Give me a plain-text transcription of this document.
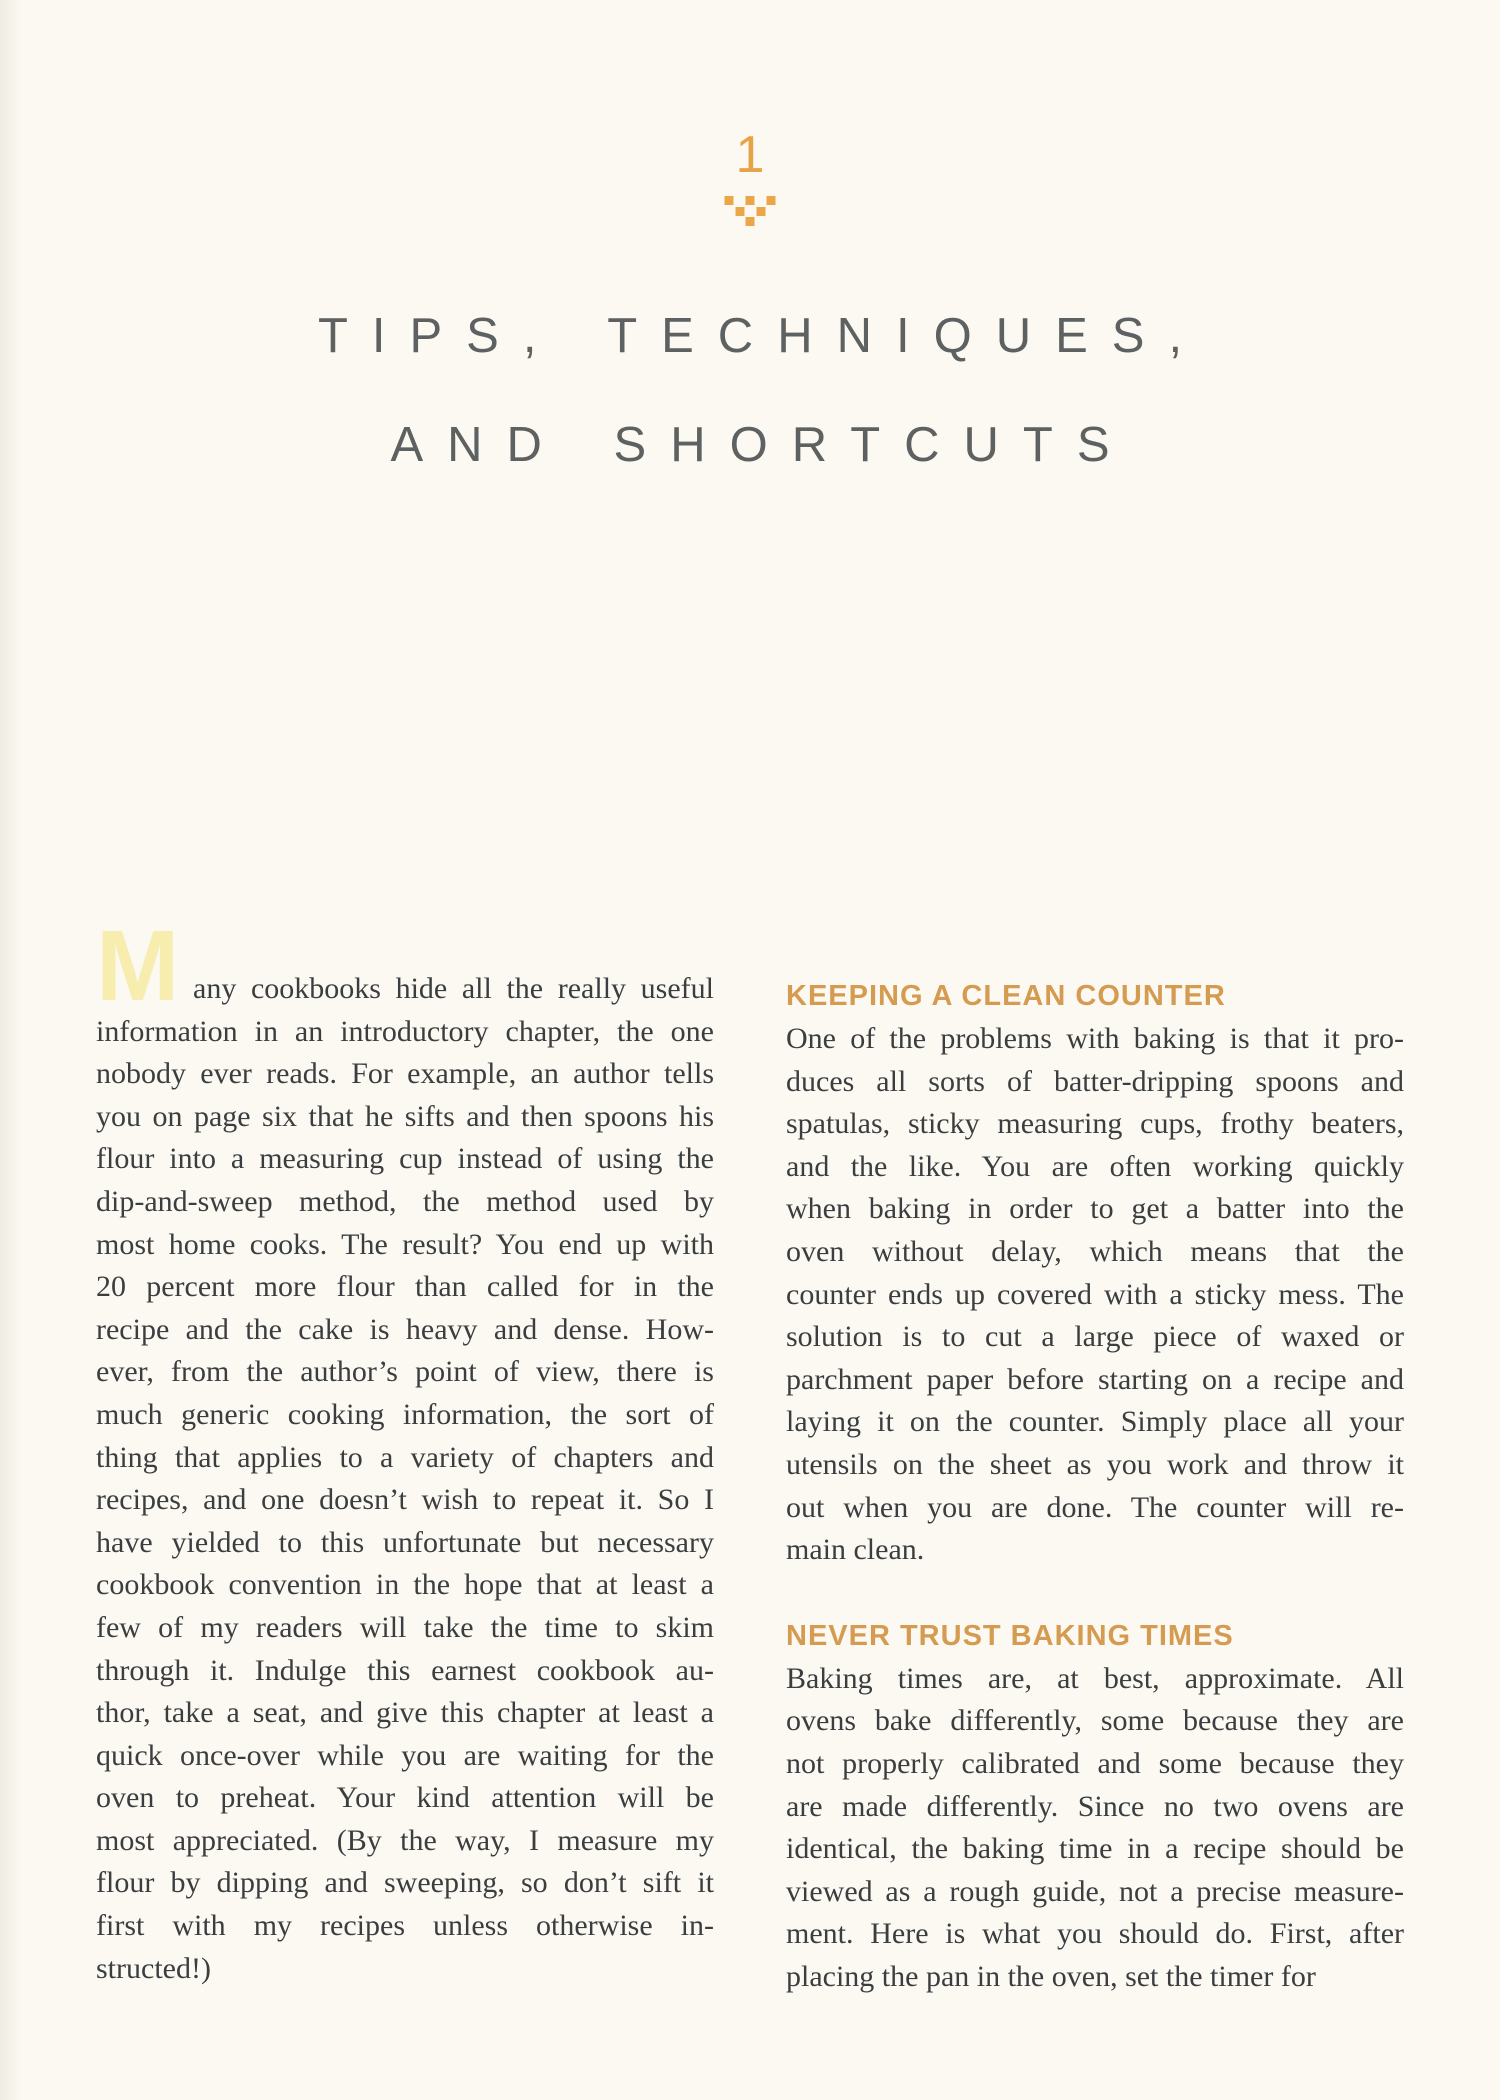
1
TIPS, TECHNIQUES,
AND SHORTCUTS
M any cookbooks hide all the really useful
information in an introductory chapter, the one
nobody ever reads. For example, an author tells
you on page six that he sifts and then spoons his
flour into a measuring cup instead of using the
dip-and-sweep method, the method used by
most home cooks. The result? You end up with
20 percent more flour than called for in the
recipe and the cake is heavy and dense. How-
ever, from the author’s point of view, there is
much generic cooking information, the sort of
thing that applies to a variety of chapters and
recipes, and one doesn’t wish to repeat it. So I
have yielded to this unfortunate but necessary
cookbook convention in the hope that at least a
few of my readers will take the time to skim
through it. Indulge this earnest cookbook au-
thor, take a seat, and give this chapter at least a
quick once-over while you are waiting for the
oven to preheat. Your kind attention will be
most appreciated. (By the way, I measure my
flour by dipping and sweeping, so don’t sift it
first with my recipes unless otherwise in-
structed!)
KEEPING A CLEAN COUNTER
One of the problems with baking is that it pro-
duces all sorts of batter-dripping spoons and
spatulas, sticky measuring cups, frothy beaters,
and the like. You are often working quickly
when baking in order to get a batter into the
oven without delay, which means that the
counter ends up covered with a sticky mess. The
solution is to cut a large piece of waxed or
parchment paper before starting on a recipe and
laying it on the counter. Simply place all your
utensils on the sheet as you work and throw it
out when you are done. The counter will re-
main clean.
NEVER TRUST BAKING TIMES
Baking times are, at best, approximate. All
ovens bake differently, some because they are
not properly calibrated and some because they
are made differently. Since no two ovens are
identical, the baking time in a recipe should be
viewed as a rough guide, not a precise measure-
ment. Here is what you should do. First, after
placing the pan in the oven, set the timer for
